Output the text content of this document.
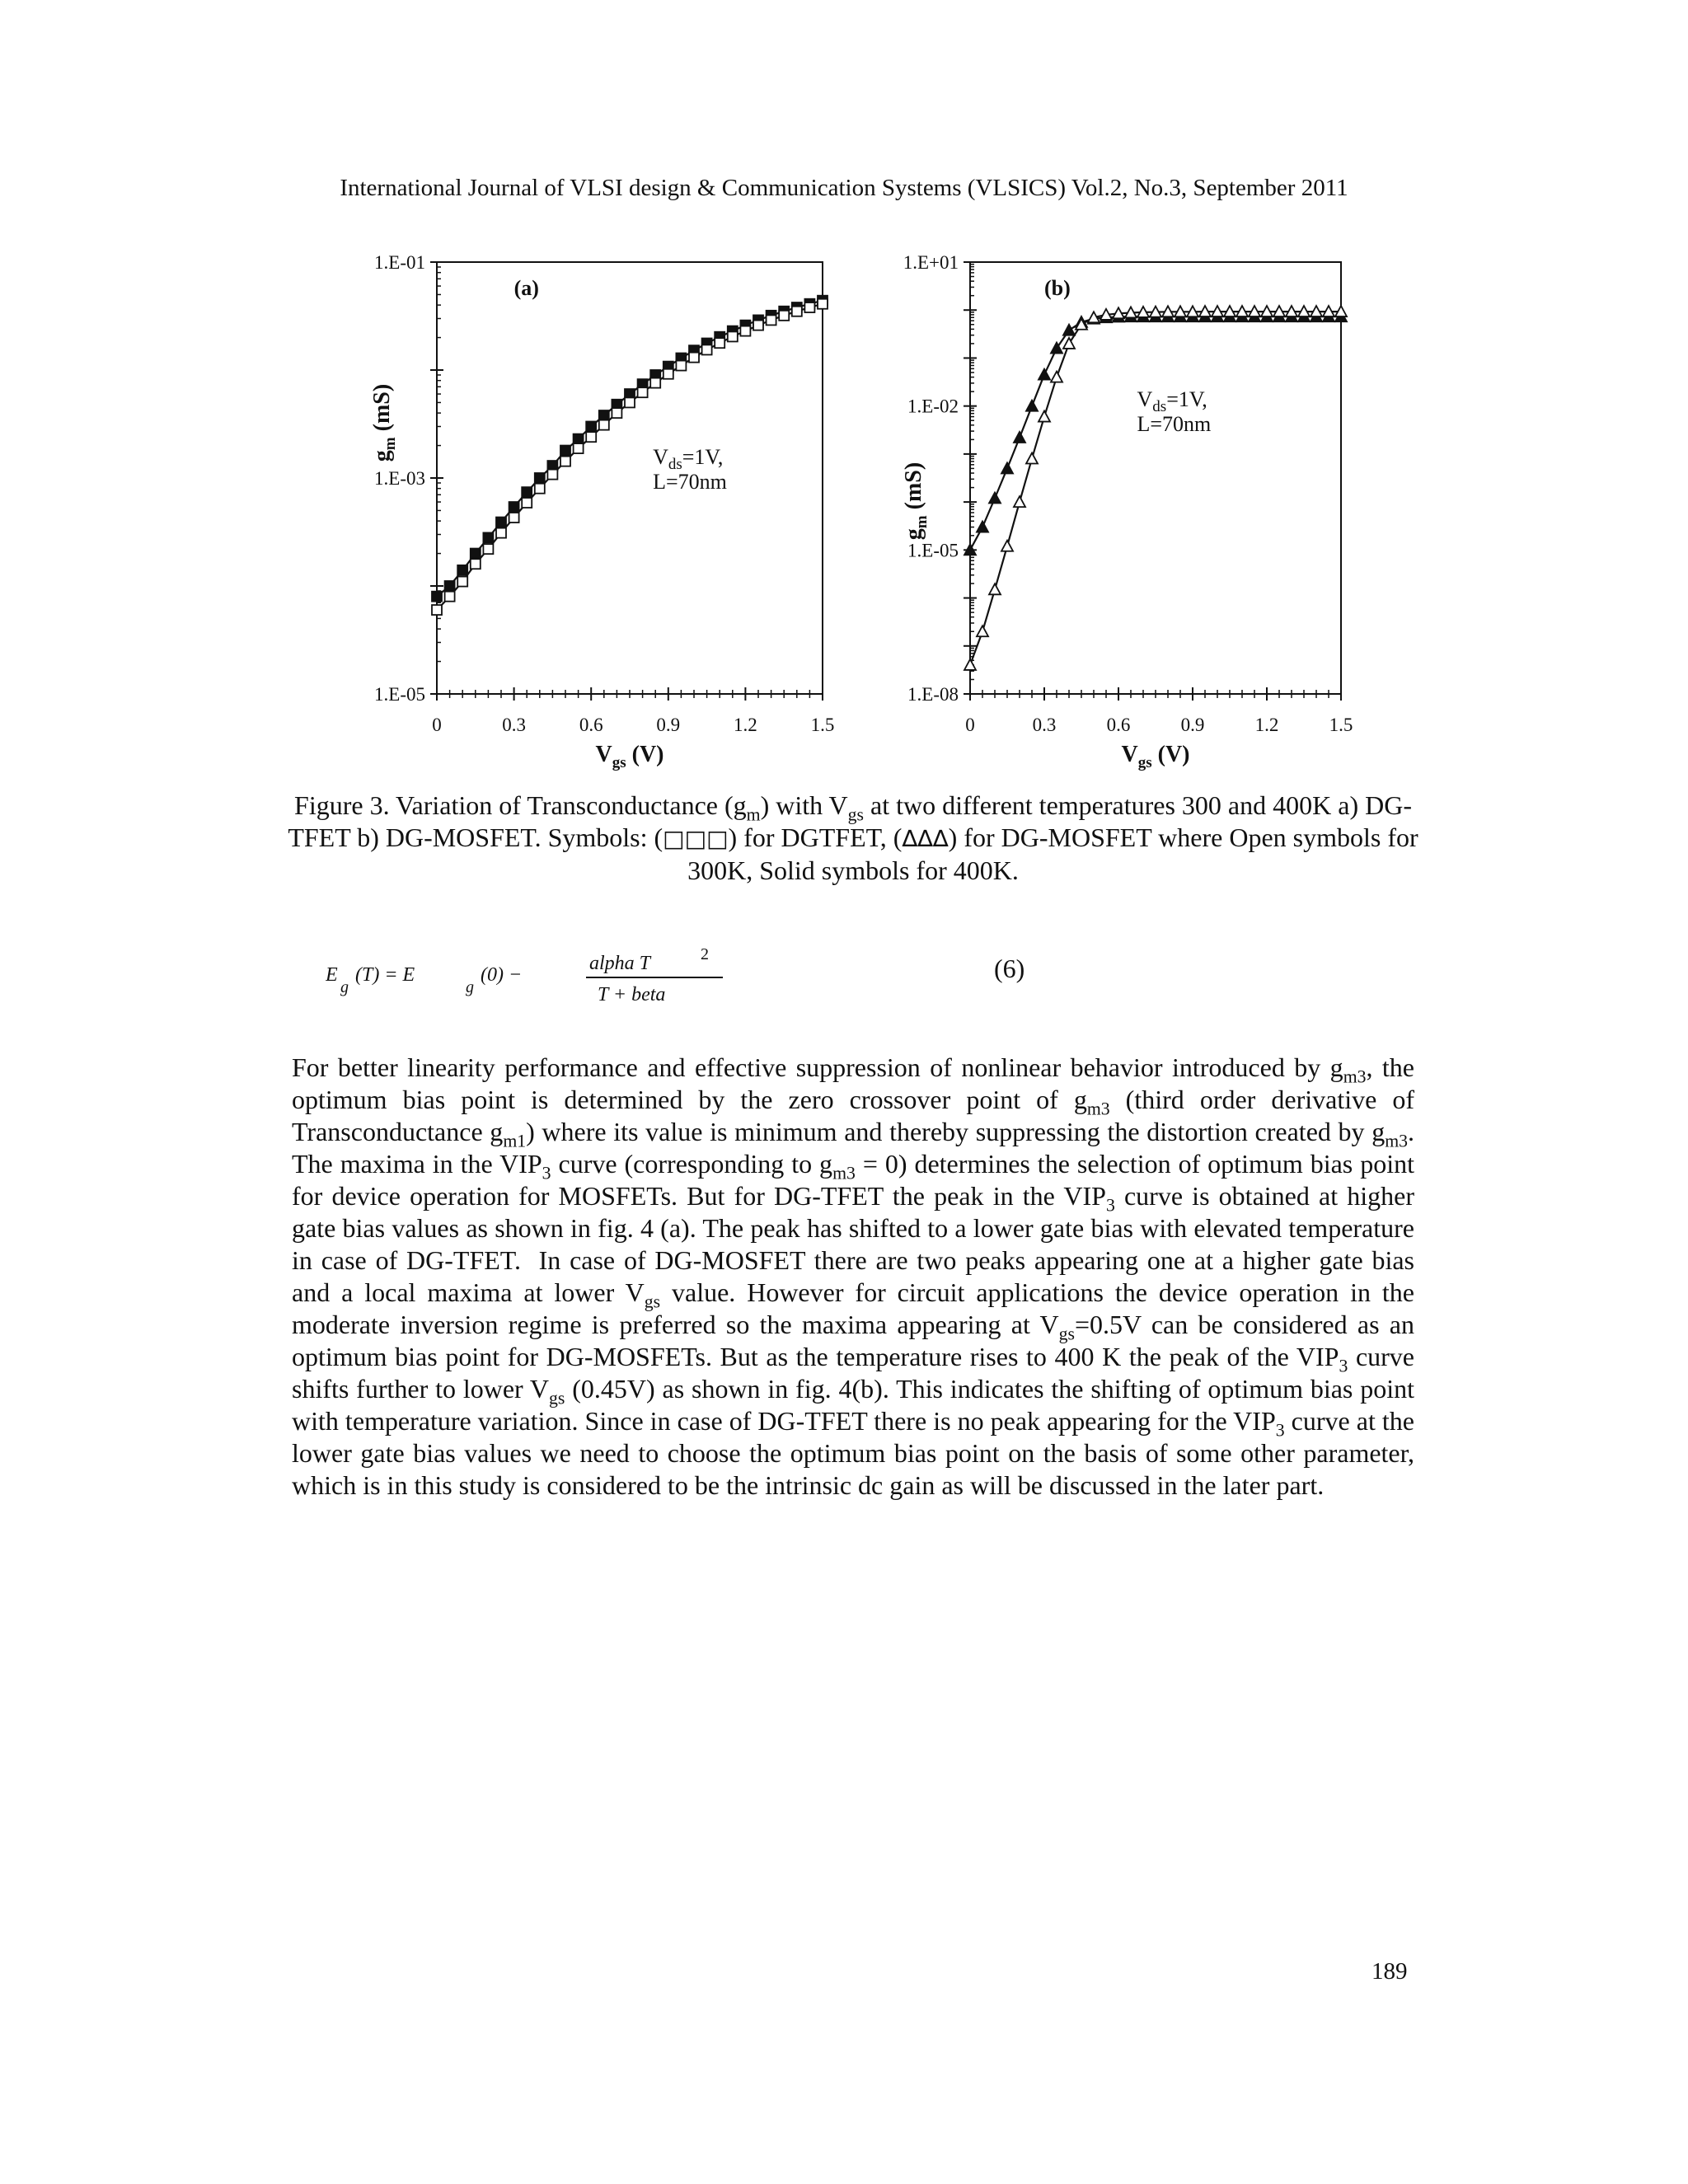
International Journal of VLSI design & Communication Systems (VLSICS) Vol.2, No.3, September 2011
1.E-05
1.E-03
1.E-01
0	0.3	0.6	0.9	1.2	1.5
(a)
$V_{ds}=1V$,
L=70nm
$V_{gs}$ (V)
$g_m$ (mS)
1.E-08
1.E-05
1.E-02
1.E+01
0	0.3	0.6	0.9	1.2	1.5
(b)
$V_{ds}=1V$,
L=70nm
$V_{gs}$ (V)
$g_m$ (mS)
Figure 3. Variation of Transconductance $(g_m)$ with $V_{gs}$ at two different temperatures 300 and 400K a) DG-TFET b) DG-MOSFET. Symbols: (□□□) for DGTFET, (∆∆∆) for DG-MOSFET where Open symbols for 300K, Solid symbols for 400K.
E
g
(T) = E
g
(0) −
alpha T	2
T + beta
(6)

For better linearity performance and effective suppression of nonlinear behavior introduced by $g_{m3}$, the optimum bias point is determined by the zero crossover point of $g_{m3}$ (third order derivative of Transconductance $g_{m1}$) where its value is minimum and thereby suppressing the distortion created by $g_{m3}$. The maxima in the $VIP_3$ curve (corresponding to $g_{m3} = 0$) determines the selection of optimum bias point for device operation for MOSFETs. But for DG-TFET the peak in the $VIP_3$ curve is obtained at higher gate bias values as shown in fig. 4 (a). The peak has shifted to a lower gate bias with elevated temperature in case of DG-TFET.  In case of DG-MOSFET there are two peaks appearing one at a higher gate bias and a local maxima at lower $V_{gs}$ value. However for circuit applications the device operation in the moderate inversion regime is preferred so the maxima appearing at $V_{gs}=0.5V$ can be considered as an optimum bias point for DG-MOSFETs. But as the temperature rises to 400 K the peak of the $VIP_3$ curve shifts further to lower $V_{gs}$ (0.45V) as shown in fig. 4(b). This indicates the shifting of optimum bias point with temperature variation. Since in case of DG-TFET there is no peak appearing for the $VIP_3$ curve at the lower gate bias values we need to choose the optimum bias point on the basis of some other parameter, which is in this study is considered to be the intrinsic dc gain as will be discussed in the later part.

189
